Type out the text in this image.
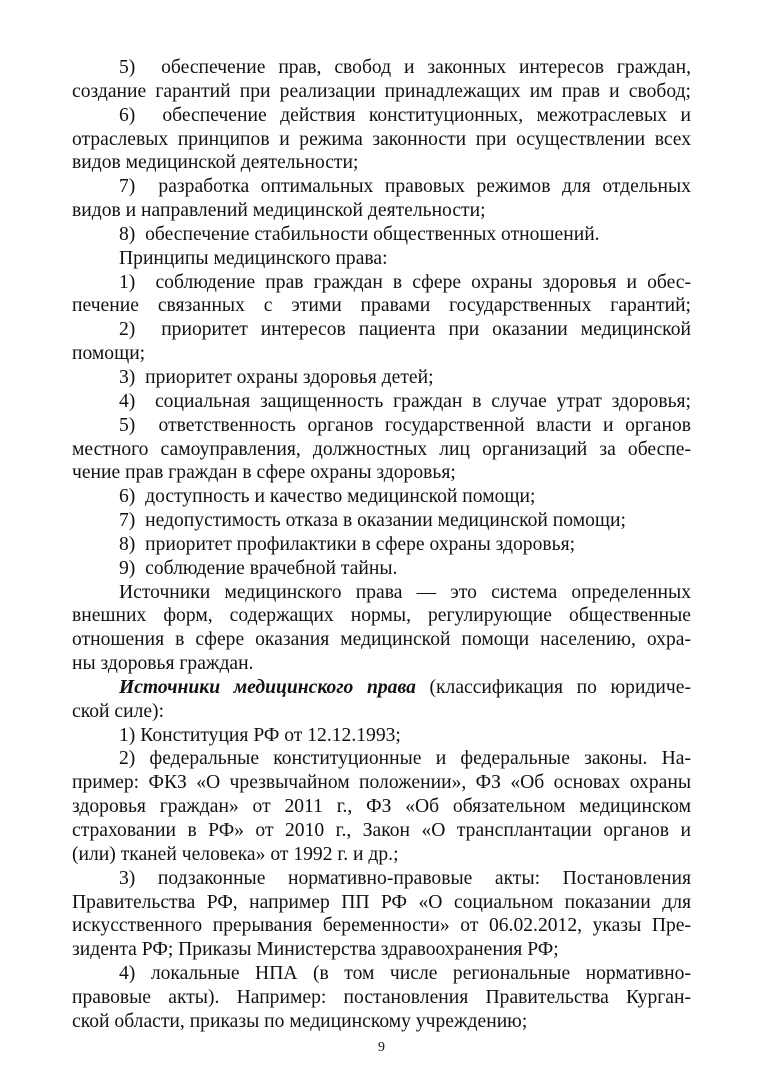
5)  обеспечение прав, свобод и законных интересов граждан,
создание гарантий при реализации принадлежащих им прав и свобод;
6)  обеспечение действия конституционных, межотраслевых и
отраслевых принципов и режима законности при осуществлении всех
видов медицинской деятельности;
7)  разработка оптимальных правовых режимов для отдельных
видов и направлений медицинской деятельности;
8)  обеспечение стабильности общественных отношений.
Принципы медицинского права:
1)  соблюдение прав граждан в сфере охраны здоровья и обес-
печение связанных с этими правами государственных гарантий;
2)  приоритет интересов пациента при оказании медицинской
помощи;
3)  приоритет охраны здоровья детей;
4)  социальная защищенность граждан в случае утрат здоровья;
5)  ответственность органов государственной власти и органов
местного самоуправления, должностных лиц организаций за обеспе-
чение прав граждан в сфере охраны здоровья;
6)  доступность и качество медицинской помощи;
7)  недопустимость отказа в оказании медицинской помощи;
8)  приоритет профилактики в сфере охраны здоровья;
9)  соблюдение врачебной тайны.
Источники медицинского права — это система определенных
внешних форм, содержащих нормы, регулирующие общественные
отношения в сфере оказания медицинской помощи населению, охра-
ны здоровья граждан.
Источники медицинского права (классификация по юридиче-
ской силе):
1) Конституция РФ от 12.12.1993;
2) федеральные конституционные и федеральные законы. На-
пример: ФКЗ «О чрезвычайном положении», ФЗ «Об основах охраны
здоровья граждан» от 2011 г., ФЗ «Об обязательном медицинском
страховании в РФ» от 2010 г., Закон «О трансплантации органов и
(или) тканей человека» от 1992 г. и др.;
3) подзаконные нормативно-правовые акты: Постановления
Правительства РФ, например ПП РФ «О социальном показании для
искусственного прерывания беременности» от 06.02.2012, указы Пре-
зидента РФ; Приказы Министерства здравоохранения РФ;
4) локальные НПА (в том числе региональные нормативно-
правовые акты). Например: постановления Правительства Курган-
ской области, приказы по медицинскому учреждению;
9
